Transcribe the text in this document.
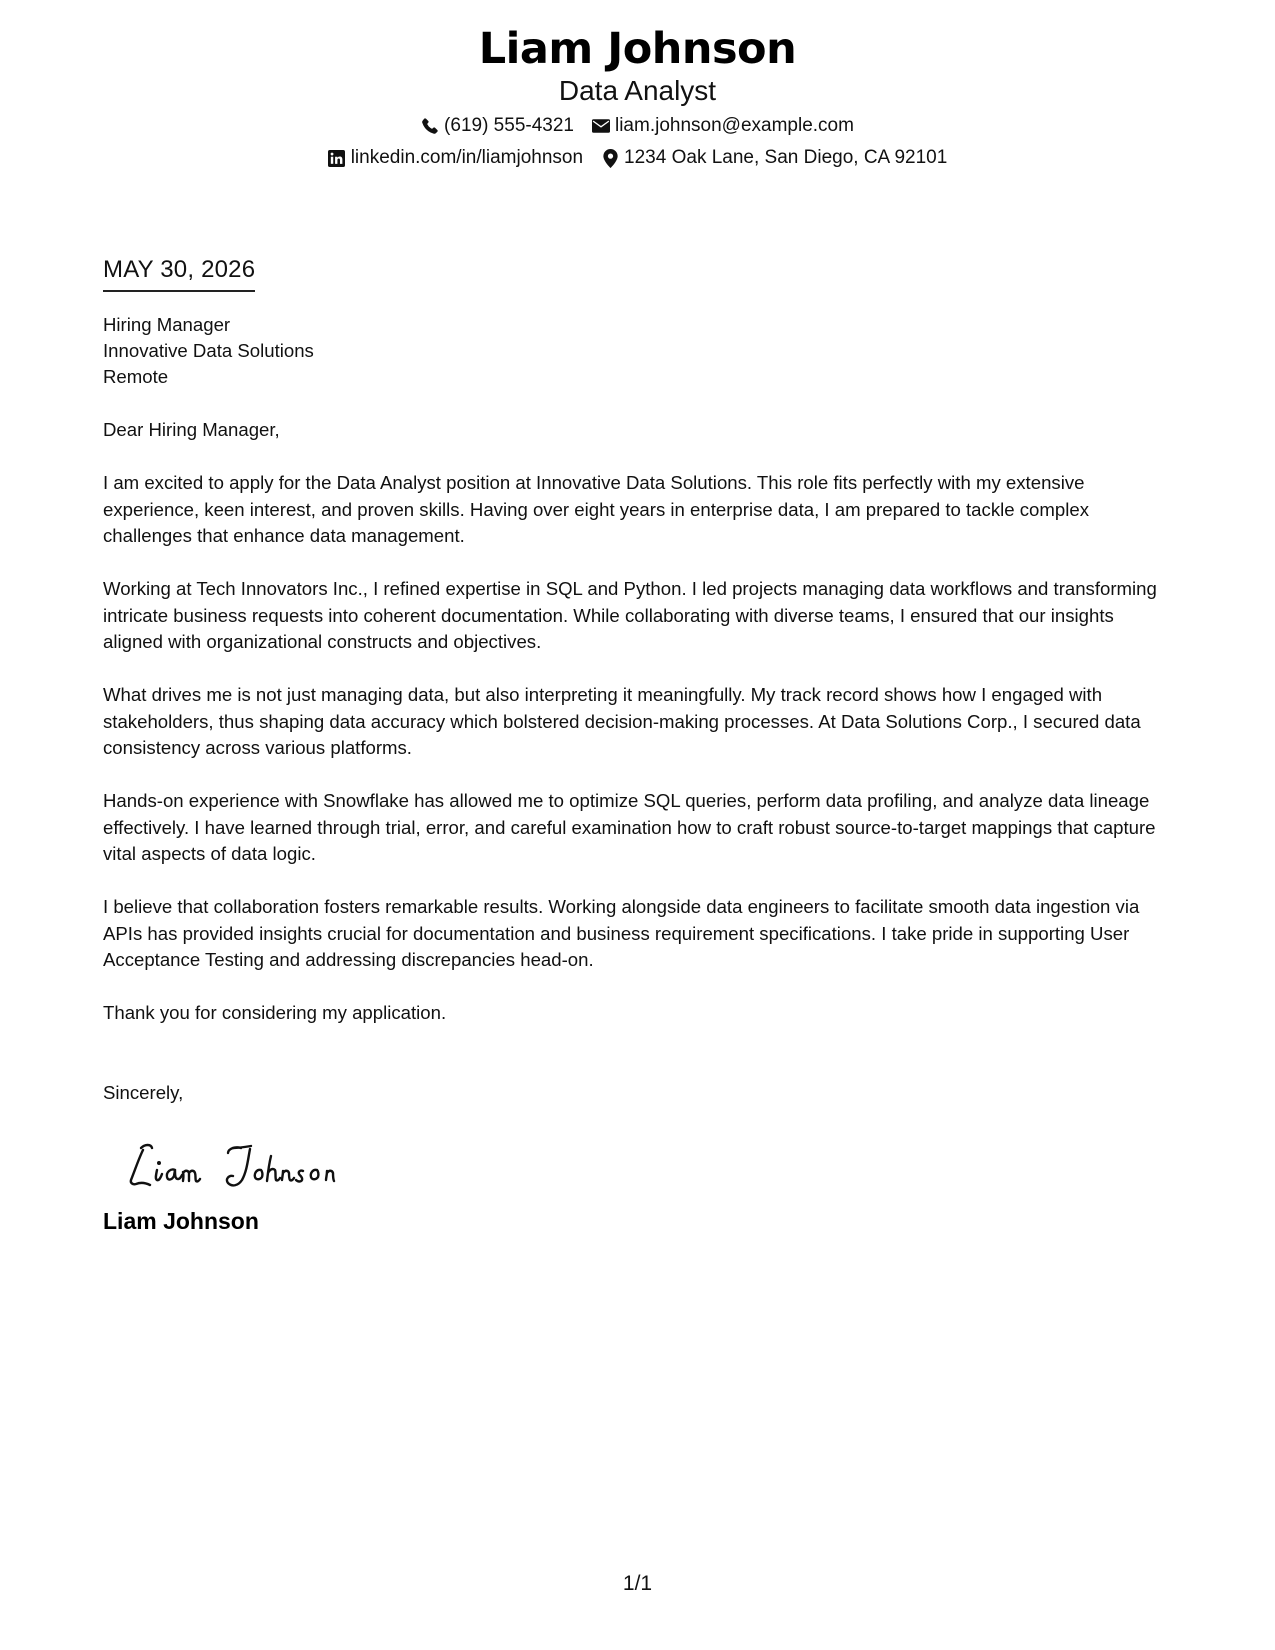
Liam Johnson
Data Analyst
(619) 555-4321 liam.johnson@example.com
linkedin.com/in/liamjohnson 1234 Oak Lane, San Diego, CA 92101
MAY 30, 2026
Hiring Manager
Innovative Data Solutions
Remote
Dear Hiring Manager,
I am excited to apply for the Data Analyst position at Innovative Data Solutions. This role fits perfectly with my extensive experience, keen interest, and proven skills. Having over eight years in enterprise data, I am prepared to tackle complex challenges that enhance data management.
Working at Tech Innovators Inc., I refined expertise in SQL and Python. I led projects managing data workflows and transforming intricate business requests into coherent documentation. While collaborating with diverse teams, I ensured that our insights aligned with organizational constructs and objectives.
What drives me is not just managing data, but also interpreting it meaningfully. My track record shows how I engaged with stakeholders, thus shaping data accuracy which bolstered decision-making processes. At Data Solutions Corp., I secured data consistency across various platforms.
Hands-on experience with Snowflake has allowed me to optimize SQL queries, perform data profiling, and analyze data lineage effectively. I have learned through trial, error, and careful examination how to craft robust source-to-target mappings that capture vital aspects of data logic.
I believe that collaboration fosters remarkable results. Working alongside data engineers to facilitate smooth data ingestion via APIs has provided insights crucial for documentation and business requirement specifications. I take pride in supporting User Acceptance Testing and addressing discrepancies head-on.
Thank you for considering my application.
Sincerely,
Liam Johnson
1/1
